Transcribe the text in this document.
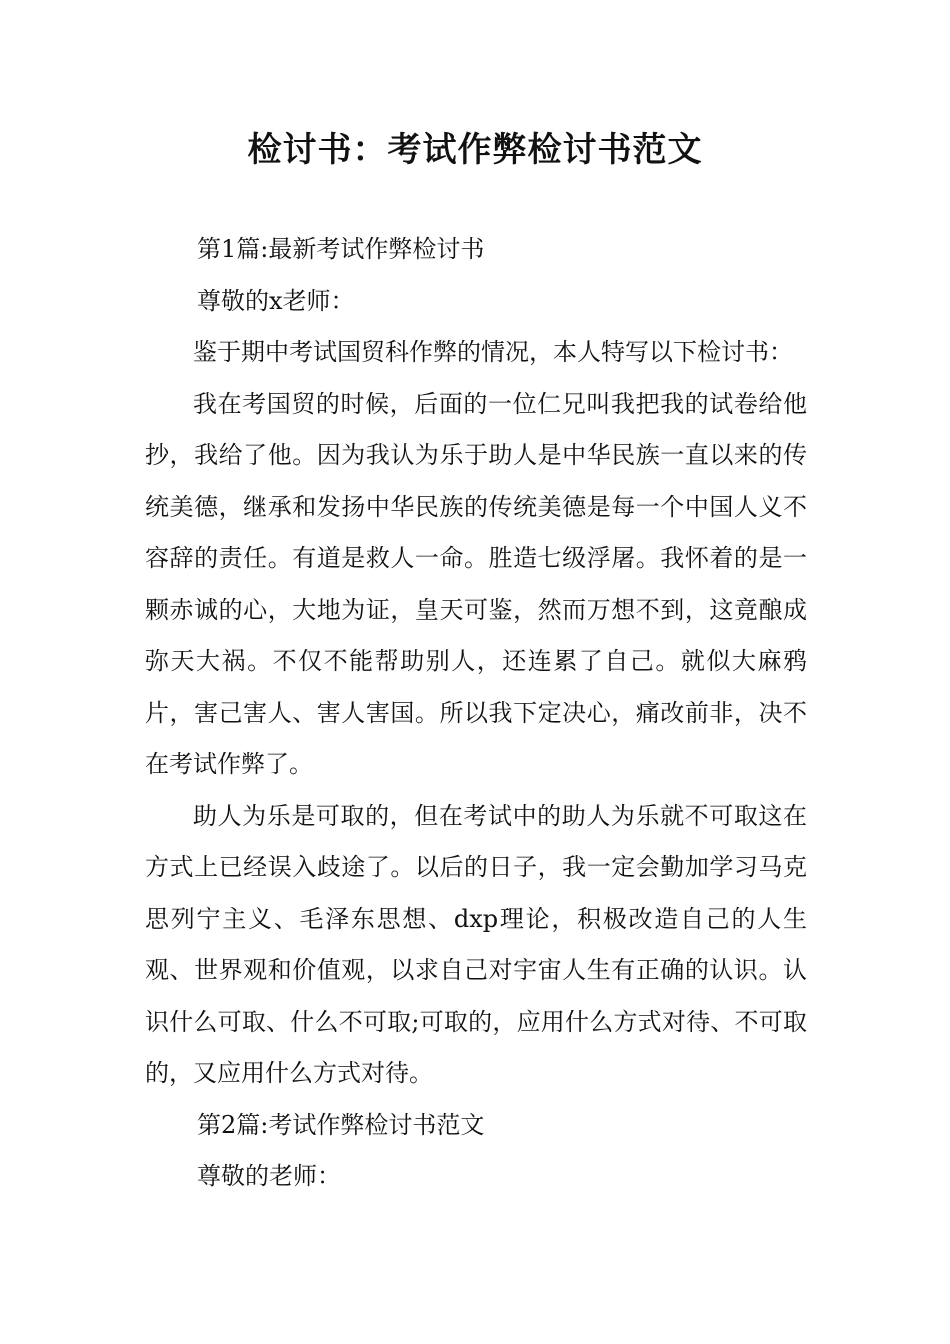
检讨书：考试作弊检讨书范文

第1篇:最新考试作弊检讨书

尊敬的x老师：

鉴于期中考试国贸科作弊的情况，本人特写以下检讨书：

我在考国贸的时候，后面的一位仁兄叫我把我的试卷给他抄，我给了他。因为我认为乐于助人是中华民族一直以来的传统美德，继承和发扬中华民族的传统美德是每一个中国人义不容辞的责任。有道是救人一命。胜造七级浮屠。我怀着的是一颗赤诚的心，大地为证，皇天可鉴，然而万想不到，这竟酿成弥天大祸。不仅不能帮助别人，还连累了自己。就似大麻鸦片，害己害人、害人害国。所以我下定决心，痛改前非，决不在考试作弊了。

助人为乐是可取的，但在考试中的助人为乐就不可取这在方式上已经误入歧途了。以后的日子，我一定会勤加学习马克思列宁主义、毛泽东思想、dxp理论，积极改造自己的人生观、世界观和价值观，以求自己对宇宙人生有正确的认识。认识什么可取、什么不可取;可取的，应用什么方式对待、不可取的，又应用什么方式对待。

第2篇:考试作弊检讨书范文

尊敬的老师：
